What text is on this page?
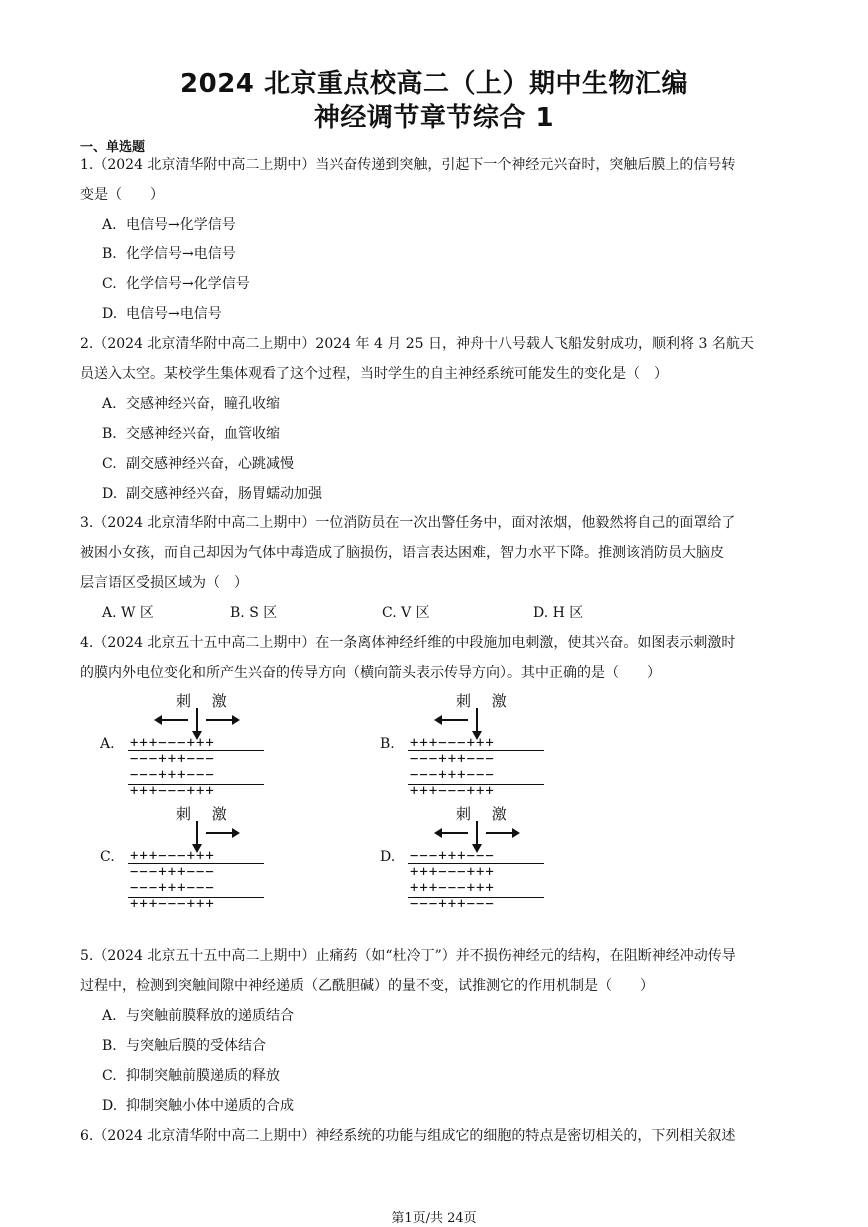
2024 北京重点校高二（上）期中生物汇编
神经调节章节综合 1
一、单选题
1.（2024 北京清华附中高二上期中）当兴奋传递到突触，引起下一个神经元兴奋时，突触后膜上的信号转
变是（　　）
A. 电信号→化学信号
B. 化学信号→电信号
C. 化学信号→化学信号
D. 电信号→电信号
2.（2024 北京清华附中高二上期中）2024 年 4 月 25 日，神舟十八号载人飞船发射成功，顺利将 3 名航天
员送入太空。某校学生集体观看了这个过程，当时学生的自主神经系统可能发生的变化是（　）
A. 交感神经兴奋，瞳孔收缩
B. 交感神经兴奋，血管收缩
C. 副交感神经兴奋，心跳减慢
D. 副交感神经兴奋，肠胃蠕动加强
3.（2024 北京清华附中高二上期中）一位消防员在一次出警任务中，面对浓烟，他毅然将自己的面罩给了
被困小女孩，而自己却因为气体中毒造成了脑损伤，语言表达困难，智力水平下降。推测该消防员大脑皮
层言语区受损区域为（　）
A. W 区	B. S 区	C. V 区	D. H 区
4.（2024 北京五十五中高二上期中）在一条离体神经纤维的中段施加电刺激，使其兴奋。如图表示刺激时
的膜内外电位变化和所产生兴奋的传导方向（横向箭头表示传导方向）。其中正确的是（　　）
刺 激
A. +++−−−+++
−−−+++−−−
−−−+++−−−
+++−−−+++
刺 激
B. +++−−−+++
−−−+++−−−
−−−+++−−−
+++−−−+++
刺 激
C. +++−−−+++
−−−+++−−−
−−−+++−−−
+++−−−+++
刺 激
D. −−−+++−−−
+++−−−+++
+++−−−+++
−−−+++−−−
5.（2024 北京五十五中高二上期中）止痛药（如“杜冷丁”）并不损伤神经元的结构，在阻断神经冲动传导
过程中，检测到突触间隙中神经递质（乙酰胆碱）的量不变，试推测它的作用机制是（　　）
A. 与突触前膜释放的递质结合
B. 与突触后膜的受体结合
C. 抑制突触前膜递质的释放
D. 抑制突触小体中递质的合成
6.（2024 北京清华附中高二上期中）神经系统的功能与组成它的细胞的特点是密切相关的，下列相关叙述
第1页/共 24页
